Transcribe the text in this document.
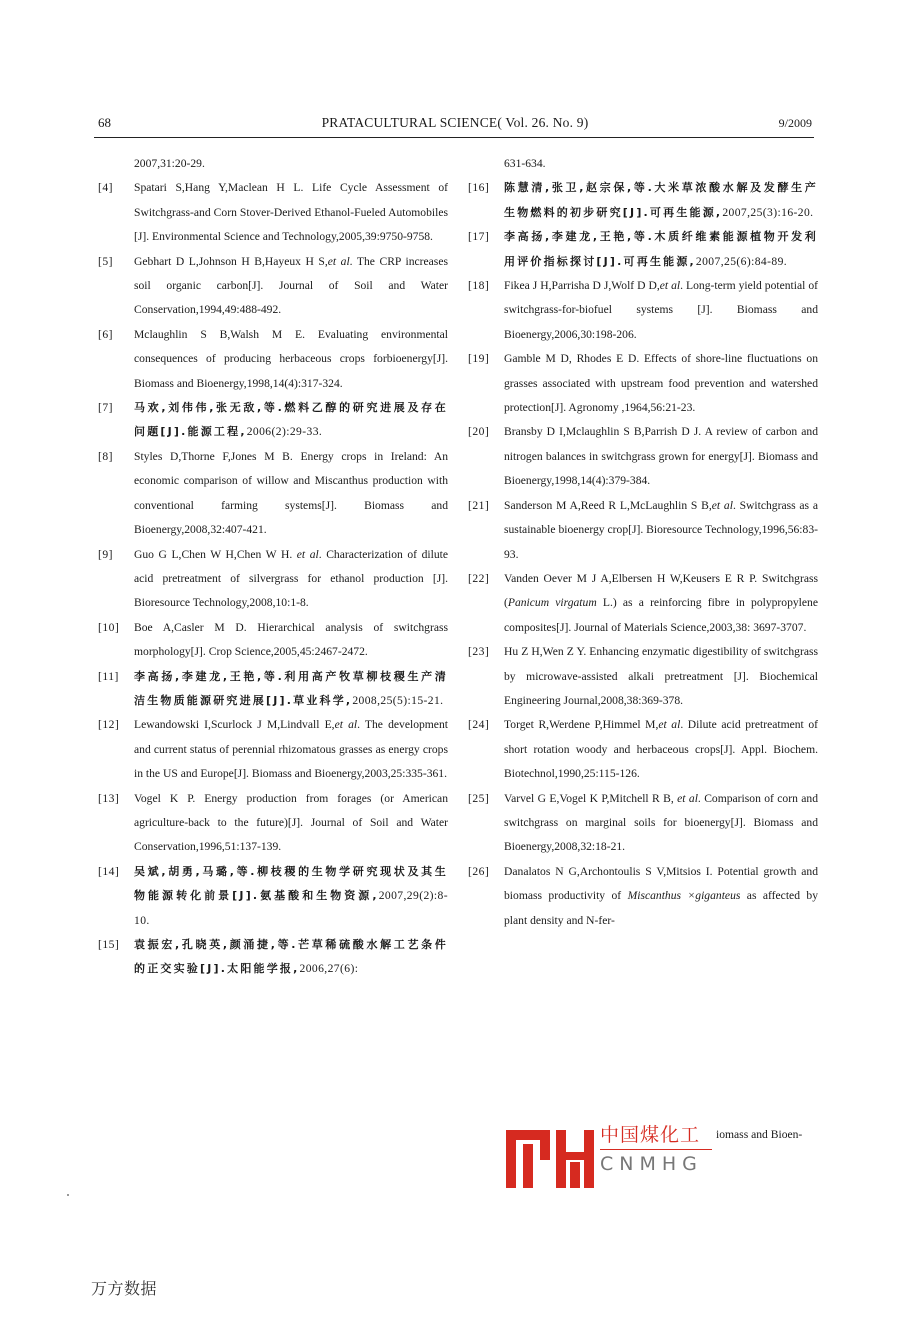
68	PRATACULTURAL SCIENCE( Vol. 26. No. 9)	9/2009
2007,31:20-29.
[4] Spatari S,Hang Y,Maclean H L. Life Cycle Assessment of Switchgrass-and Corn Stover-Derived Ethanol-Fueled Automobiles [J]. Environmental Science and Technology,2005,39:9750-9758.
[5] Gebhart D L,Johnson H B,Hayeux H S,et al. The CRP increases soil organic carbon[J]. Journal of Soil and Water Conservation,1994,49:488-492.
[6] Mclaughlin S B,Walsh M E. Evaluating environmental consequences of producing herbaceous crops forbioenergy[J]. Biomass and Bioenergy,1998,14(4):317-324.
[7] 马欢,刘伟伟,张无敌,等.燃料乙醇的研究进展及存在问题[J].能源工程,2006(2):29-33.
[8] Styles D,Thorne F,Jones M B. Energy crops in Ireland: An economic comparison of willow and Miscanthus production with conventional farming systems[J]. Biomass and Bioenergy,2008,32:407-421.
[9] Guo G L,Chen W H,Chen W H. et al. Characterization of dilute acid pretreatment of silvergrass for ethanol production [J]. Bioresource Technology,2008,10:1-8.
[10] Boe A,Casler M D. Hierarchical analysis of switchgrass morphology[J]. Crop Science,2005,45:2467-2472.
[11] 李高扬,李建龙,王艳,等.利用高产牧草柳枝稷生产清洁生物质能源研究进展[J].草业科学,2008,25(5):15-21.
[12] Lewandowski I,Scurlock J M,Lindvall E,et al. The development and current status of perennial rhizomatous grasses as energy crops in the US and Europe[J]. Biomass and Bioenergy,2003,25:335-361.
[13] Vogel K P. Energy production from forages (or American agriculture-back to the future)[J]. Journal of Soil and Water Conservation,1996,51:137-139.
[14] 吴斌,胡勇,马璐,等.柳枝稷的生物学研究现状及其生物能源转化前景[J].氨基酸和生物资源,2007,29(2):8-10.
[15] 袁振宏,孔晓英,颜涌捷,等.芒草稀硫酸水解工艺条件的正交实验[J].太阳能学报,2006,27(6):
631-634.
[16] 陈慧清,张卫,赵宗保,等.大米草浓酸水解及发酵生产生物燃料的初步研究[J].可再生能源,2007,25(3):16-20.
[17] 李高扬,李建龙,王艳,等.木质纤维素能源植物开发利用评价指标探讨[J].可再生能源,2007,25(6):84-89.
[18] Fikea J H,Parrisha D J,Wolf D D,et al. Long-term yield potential of switchgrass-for-biofuel systems [J]. Biomass and Bioenergy,2006,30:198-206.
[19] Gamble M D, Rhodes E D. Effects of shore-line fluctuations on grasses associated with upstream food prevention and watershed protection[J]. Agronomy ,1964,56:21-23.
[20] Bransby D I,Mclaughlin S B,Parrish D J. A review of carbon and nitrogen balances in switchgrass grown for energy[J]. Biomass and Bioenergy,1998,14(4):379-384.
[21] Sanderson M A,Reed R L,McLaughlin S B,et al. Switchgrass as a sustainable bioenergy crop[J]. Bioresource Technology,1996,56:83-93.
[22] Vanden Oever M J A,Elbersen H W,Keusers E R P. Switchgrass (Panicum virgatum L.) as a reinforcing fibre in polypropylene composites[J]. Journal of Materials Science,2003,38: 3697-3707.
[23] Hu Z H,Wen Z Y. Enhancing enzymatic digestibility of switchgrass by microwave-assisted alkali pretreatment [J]. Biochemical Engineering Journal,2008,38:369-378.
[24] Torget R,Werdene P,Himmel M,et al. Dilute acid pretreatment of short rotation woody and herbaceous crops[J]. Appl. Biochem. Biotechnol,1990,25:115-126.
[25] Varvel G E,Vogel K P,Mitchell R B, et al. Comparison of corn and switchgrass on marginal soils for bioenergy[J]. Biomass and Bioenergy,2008,32:18-21.
[26] Danalatos N G,Archontoulis S V,Mitsios I. Potential growth and biomass productivity of Miscanthus ×giganteus as affected by plant density and N-fer-
中国煤化工
CNMHG
iomass and Bioen-
万方数据
